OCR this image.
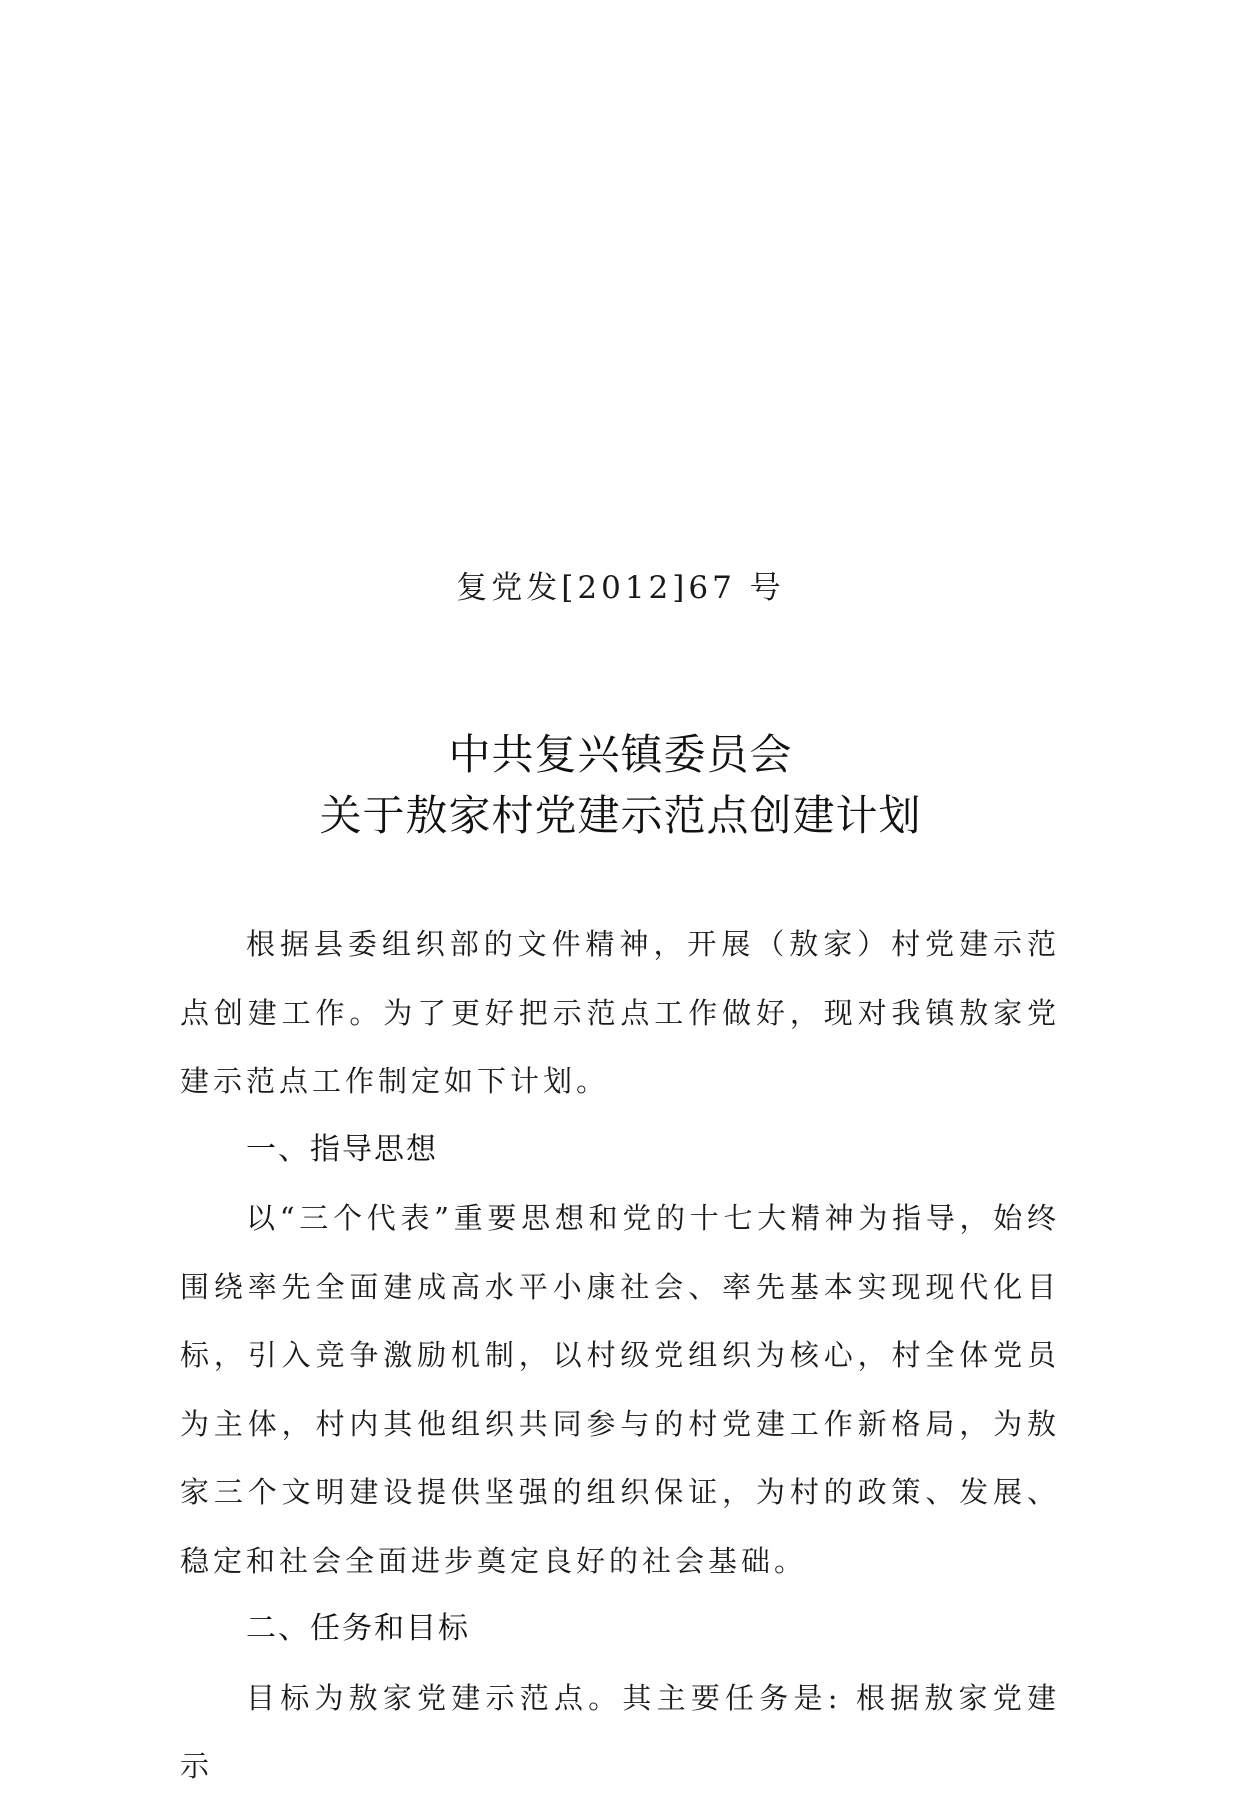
复党发[2012]67 号
中共复兴镇委员会
关于敖家村党建示范点创建计划

根据县委组织部的文件精神，开展（敖家）村党建示范点创建工作。为了更好把示范点工作做好，现对我镇敖家党建示范点工作制定如下计划。

一、指导思想

以“三个代表”重要思想和党的十七大精神为指导，始终围绕率先全面建成高水平小康社会、率先基本实现现代化目标，引入竞争激励机制，以村级党组织为核心，村全体党员为主体，村内其他组织共同参与的村党建工作新格局，为敖家三个文明建设提供坚强的组织保证，为村的政策、发展、稳定和社会全面进步奠定良好的社会基础。

二、任务和目标

目标为敖家党建示范点。其主要任务是: 根据敖家党建示
